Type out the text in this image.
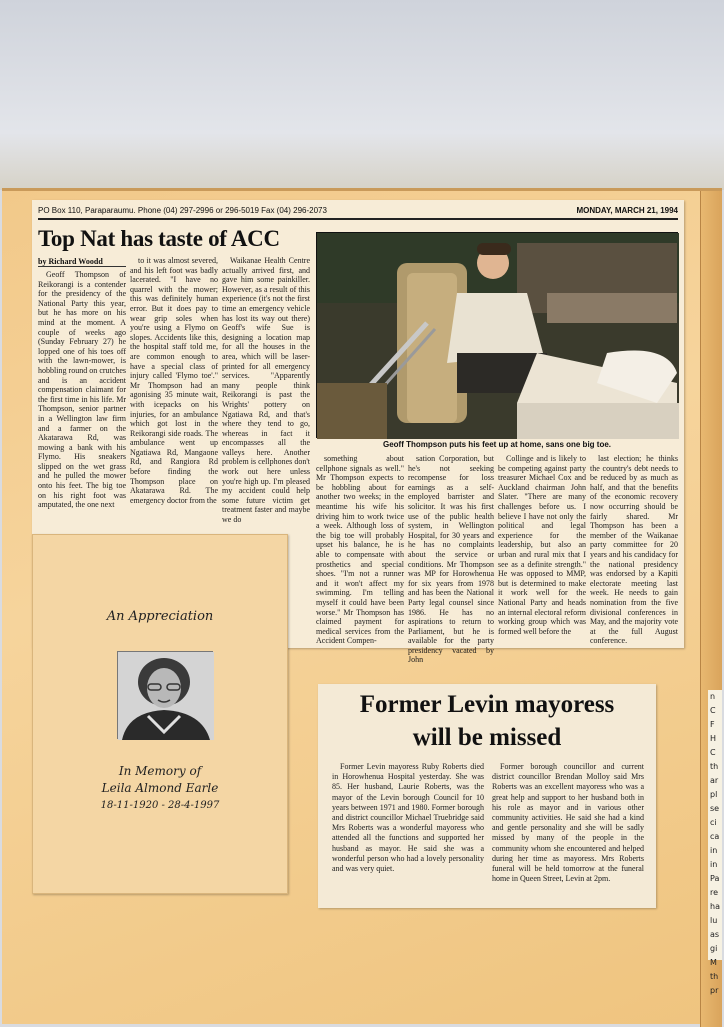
n C F H C th ar pl se ci ca in in Pa re ha lu as gi M th pr
PO Box 110, Paraparaumu. Phone (04) 297-2996 or 296-5019 Fax (04) 296-2073	MONDAY, MARCH 21, 1994
Top Nat has taste of ACC
by Richard Woodd

Geoff Thompson of Reikorangi is a contender for the presidency of the National Party this year, but he has more on his mind at the moment. A couple of weeks ago (Sunday February 27) he lopped one of his toes off with the lawn-mower, is hobbling round on crutches and is an accident compensation claimant for the first time in his life. Mr Thompson, senior partner in a Wellington law firm and a farmer on the Akatarawa Rd, was mowing a bank with his Flymo. His sneakers slipped on the wet grass and he pulled the mower onto his feet. The big toe on his right foot was amputated, the one next

to it was almost severed, and his left foot was badly lacerated. "I have no quarrel with the mower; this was definitely human error. But it does pay to wear grip soles when you're using a Flymo on slopes. Accidents like this, the hospital staff told me, are common enough to have a special class of injury called 'Flymo toe'." Mr Thompson had an agonising 35 minute wait, with icepacks on his injuries, for an ambulance which got lost in the Reikorangi side roads. The ambulance went up Ngatiawa Rd, Mangaone Rd, and Rangiora Rd before finding the Thompson place on Akatarawa Rd. The emergency doctor from the

Waikanae Health Centre actually arrived first, and gave him some painkiller. However, as a result of this experience (it's not the first time an emergency vehicle has lost its way out there) Geoff's wife Sue is designing a location map for all the houses in the area, which will be laser-printed for all emergency services. "Apparently many people think Reikorangi is past the Wrights' pottery on Ngatiawa Rd, and that's where they tend to go, whereas in fact it encompasses all the valleys here. Another problem is cellphones don't work out here unless you're high up. I'm pleased my accident could help some future victim get treatment faster and maybe we do

Geoff Thompson puts his feet up at home, sans one big toe.

something about cellphone signals as well." Mr Thompson expects to be hobbling about for another two weeks; in the meantime his wife his driving him to work twice a week. Although loss of the big toe will probably upset his balance, he is able to compensate with prosthetics and special shoes. "I'm not a runner and it won't affect my swimming. I'm telling myself it could have been worse." Mr Thompson has claimed payment for medical services from the Accident Compen-

sation Corporation, but he's not seeking recompense for loss earnings as a self-employed barrister and solicitor. It was his first use of the public health system, in Wellington Hospital, for 30 years and he has no complaints about the service or conditions. Mr Thompson was MP for Horowhenua for six years from 1978 and has been the National Party legal counsel since 1986. He has no aspirations to return to Parliament, but he is available for the party presidency vacated by John

Collinge and is likely to be competing against party treasurer Michael Cox and Auckland chairman John Slater. "There are many challenges before us. I believe I have not only the political and legal experience for the leadership, but also an urban and rural mix that I see as a definite strength." He was opposed to MMP, but is determined to make it work well for the National Party and heads an internal electoral reform working group which was formed well before the

last election; he thinks the country's debt needs to be reduced by as much as half, and that the benefits of the economic recovery now occurring should be fairly shared. Mr Thompson has been a member of the Waikanae party committee for 20 years and his candidacy for the national presidency was endorsed by a Kapiti electorate meeting last week. He needs to gain nomination from the five divisional conferences in May, and the majority vote at the full August conference.

An Appreciation
In Memory of
Leila Almond Earle
18-11-1920 - 28-4-1997
Former Levin mayoress
will be missed

Former Levin mayoress Ruby Roberts died in Horowhenua Hospital yesterday. She was 85. Her husband, Laurie Roberts, was the mayor of the Levin borough Council for 10 years between 1971 and 1980. Former borough and district councillor Michael Truebridge said Mrs Roberts was a wonderful mayoress who attended all the functions and supported her husband as mayor. He said she was a wonderful person who had a lovely personality and was very quiet.

Former borough councillor and current district councillor Brendan Molloy said Mrs Roberts was an excellent mayoress who was a great help and support to her husband both in his role as mayor and in various other community activities. He said she had a kind and gentle personality and she will be sadly missed by many of the people in the community whom she encountered and helped during her time as mayoress. Mrs Roberts funeral will be held tomorrow at the funeral home in Queen Street, Levin at 2pm.
